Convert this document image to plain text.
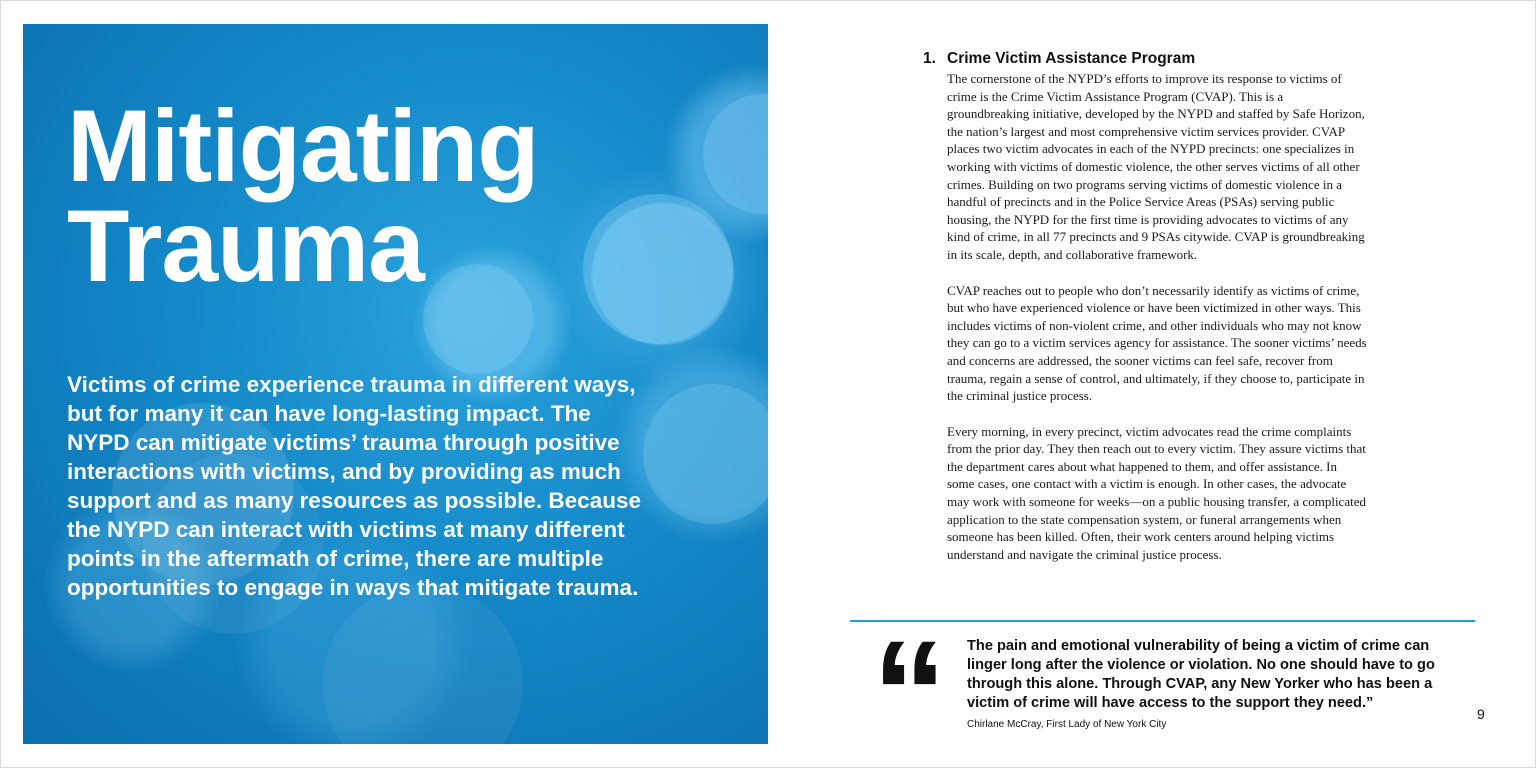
Mitigating
Trauma

Victims of crime experience trauma in different ways, but for many it can have long-lasting impact. The NYPD can mitigate victims’ trauma through positive interactions with victims, and by providing as much support and as many resources as possible. Because the NYPD can interact with victims at many different points in the aftermath of crime, there are multiple opportunities to engage in ways that mitigate trauma.

1. Crime Victim Assistance Program

The cornerstone of the NYPD’s efforts to improve its response to victims of crime is the Crime Victim Assistance Program (CVAP). This is a groundbreaking initiative, developed by the NYPD and staffed by Safe Horizon, the nation’s largest and most comprehensive victim services provider. CVAP places two victim advocates in each of the NYPD precincts: one specializes in working with victims of domestic violence, the other serves victims of all other crimes. Building on two programs serving victims of domestic violence in a handful of precincts and in the Police Service Areas (PSAs) serving public housing, the NYPD for the first time is providing advocates to victims of any kind of crime, in all 77 precincts and 9 PSAs citywide. CVAP is groundbreaking in its scale, depth, and collaborative framework.

CVAP reaches out to people who don’t necessarily identify as victims of crime, but who have experienced violence or have been victimized in other ways. This includes victims of non-violent crime, and other individuals who may not know they can go to a victim services agency for assistance. The sooner victims’ needs and concerns are addressed, the sooner victims can feel safe, recover from trauma, regain a sense of control, and ultimately, if they choose to, participate in the criminal justice process.

Every morning, in every precinct, victim advocates read the crime complaints from the prior day. They then reach out to every victim. They assure victims that the department cares about what happened to them, and offer assistance. In some cases, one contact with a victim is enough. In other cases, the advocate may work with someone for weeks—on a public housing transfer, a complicated application to the state compensation system, or funeral arrangements when someone has been killed. Often, their work centers around helping victims understand and navigate the criminal justice process.

“ The pain and emotional vulnerability of being a victim of crime can linger long after the violence or violation. No one should have to go through this alone. Through CVAP, any New Yorker who has been a victim of crime will have access to the support they need.”

Chirlane McCray, First Lady of New York City

9
